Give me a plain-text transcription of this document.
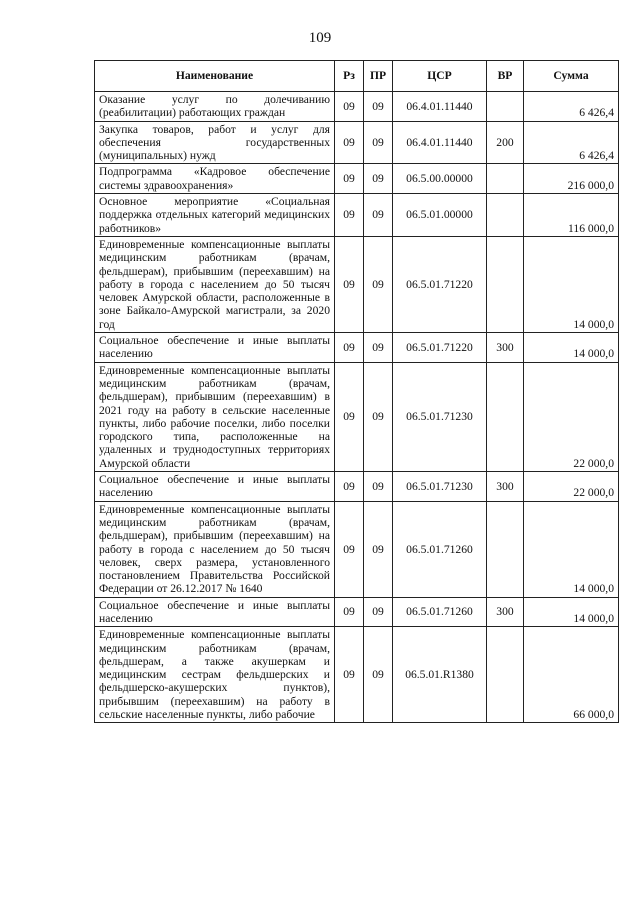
109
Наименование	Рз	ПР	ЦСР	ВР	Сумма
Оказание услуг по долечиванию (реабилитации) работающих граждан	09	09	06.4.01.11440		6 426,4
Закупка товаров, работ и услуг для обеспечения государственных (муниципальных) нужд	09	09	06.4.01.11440	200	6 426,4
Подпрограмма «Кадровое обеспечение системы здравоохранения»	09	09	06.5.00.00000		216 000,0
Основное мероприятие «Социальная поддержка отдельных категорий медицинских работников»	09	09	06.5.01.00000		116 000,0
Единовременные компенсационные выплаты медицинским работникам (врачам, фельдшерам), прибывшим (переехавшим) на работу в города с населением до 50 тысяч человек Амурской области, расположенные в зоне Байкало-Амурской магистрали, за 2020 год	09	09	06.5.01.71220		14 000,0
Социальное обеспечение и иные выплаты населению	09	09	06.5.01.71220	300	14 000,0
Единовременные компенсационные выплаты медицинским работникам (врачам, фельдшерам), прибывшим (переехавшим) в 2021 году на работу в сельские населенные пункты, либо рабочие поселки, либо поселки городского типа, расположенные на удаленных и труднодоступных территориях Амурской области	09	09	06.5.01.71230		22 000,0
Социальное обеспечение и иные выплаты населению	09	09	06.5.01.71230	300	22 000,0
Единовременные компенсационные выплаты медицинским работникам (врачам, фельдшерам), прибывшим (переехавшим) на работу в города с населением до 50 тысяч человек, сверх размера, установленного постановлением Правительства Российской Федерации от 26.12.2017 № 1640	09	09	06.5.01.71260		14 000,0
Социальное обеспечение и иные выплаты населению	09	09	06.5.01.71260	300	14 000,0
Единовременные компенсационные выплаты медицинским работникам (врачам, фельдшерам, а также акушеркам и медицинским сестрам фельдшерских и фельдшерско-акушерских пунктов), прибывшим (переехавшим) на работу в сельские населенные пункты, либо рабочие	09	09	06.5.01.R1380		66 000,0
